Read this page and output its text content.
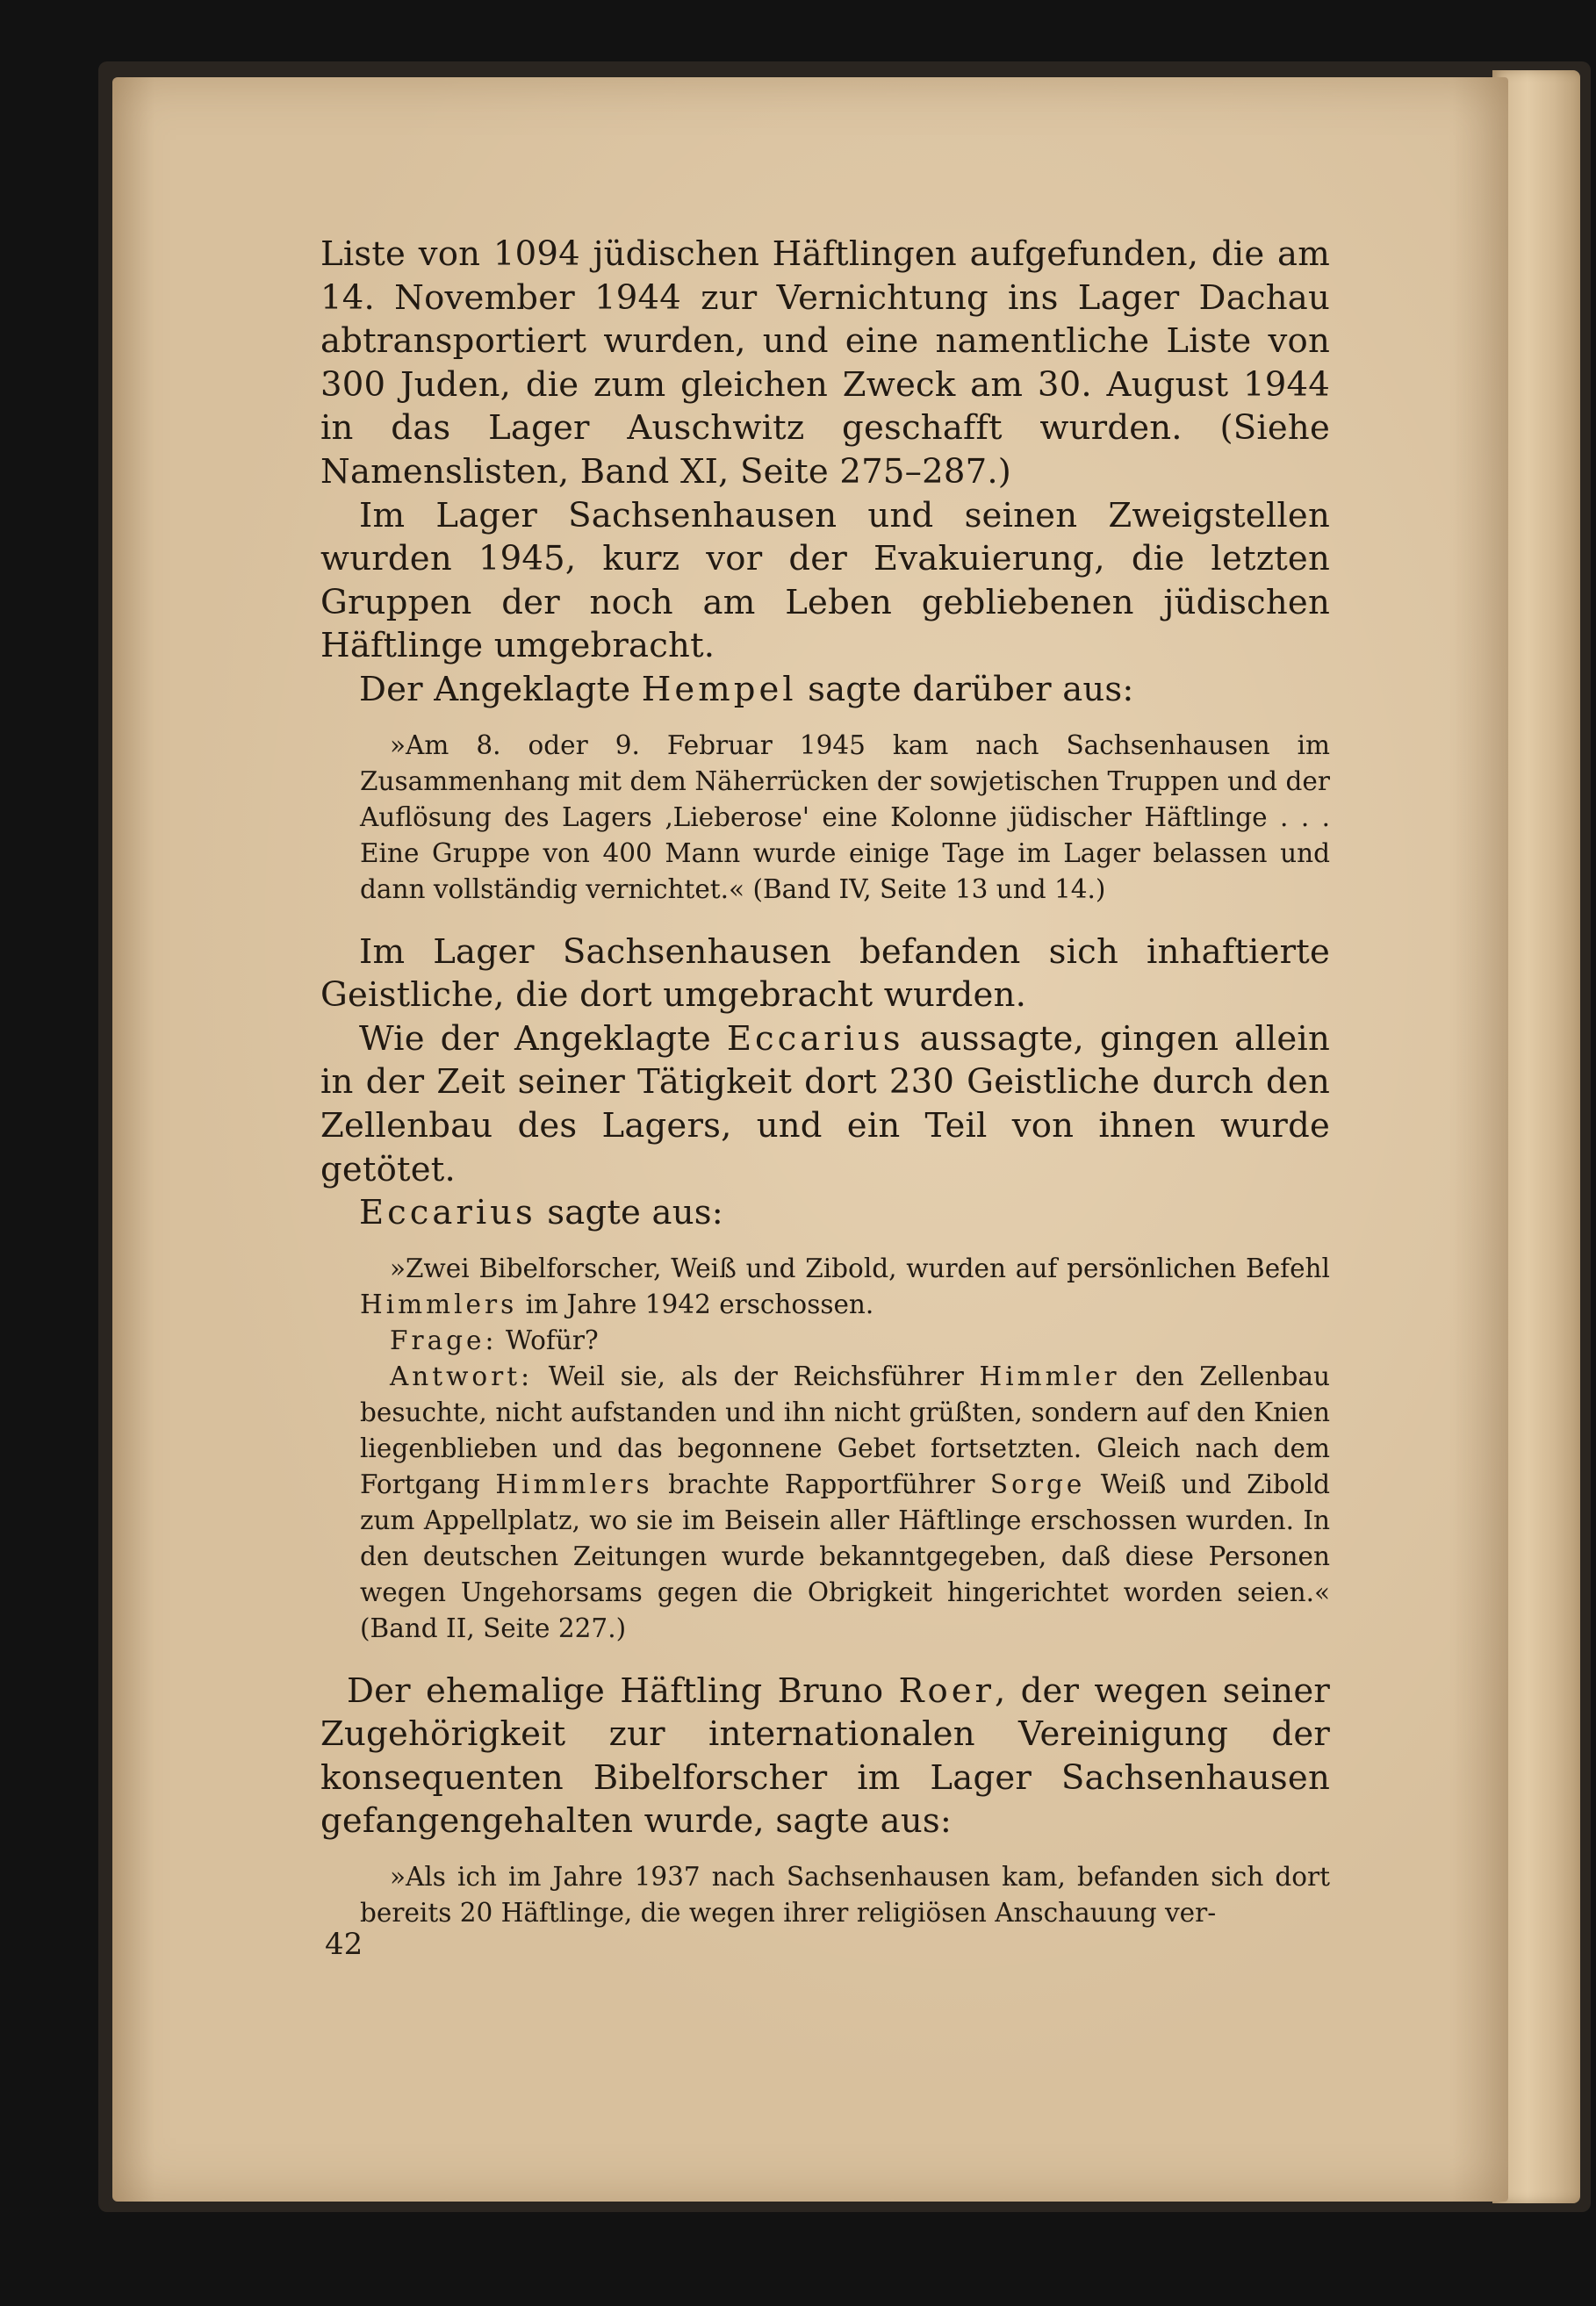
Liste von 1094 jüdischen Häftlingen aufgefunden, die am 14. November 1944 zur Vernichtung ins Lager Dachau abtransportiert wurden, und eine namentliche Liste von 300 Juden, die zum gleichen Zweck am 30. August 1944 in das Lager Auschwitz geschafft wurden. (Siehe Namenslisten, Band XI, Seite 275–287.)

Im Lager Sachsenhausen und seinen Zweigstellen wurden 1945, kurz vor der Evakuierung, die letzten Gruppen der noch am Leben gebliebenen jüdischen Häftlinge umgebracht.

Der Angeklagte Hempel sagte darüber aus:

»Am 8. oder 9. Februar 1945 kam nach Sachsenhausen im Zusammenhang mit dem Näherrücken der sowjetischen Truppen und der Auflösung des Lagers ‚Lieberose' eine Kolonne jüdischer Häftlinge . . . Eine Gruppe von 400 Mann wurde einige Tage im Lager belassen und dann vollständig vernichtet.« (Band IV, Seite 13 und 14.)

Im Lager Sachsenhausen befanden sich inhaftierte Geistliche, die dort umgebracht wurden.

Wie der Angeklagte Eccarius aussagte, gingen allein in der Zeit seiner Tätigkeit dort 230 Geistliche durch den Zellenbau des Lagers, und ein Teil von ihnen wurde getötet.

Eccarius sagte aus:

»Zwei Bibelforscher, Weiß und Zibold, wurden auf persönlichen Befehl Himmlers im Jahre 1942 erschossen.
Frage: Wofür?
Antwort: Weil sie, als der Reichsführer Himmler den Zellenbau besuchte, nicht aufstanden und ihn nicht grüßten, sondern auf den Knien liegenblieben und das begonnene Gebet fortsetzten. Gleich nach dem Fortgang Himmlers brachte Rapportführer Sorge Weiß und Zibold zum Appellplatz, wo sie im Beisein aller Häftlinge erschossen wurden. In den deutschen Zeitungen wurde bekanntgegeben, daß diese Personen wegen Ungehorsams gegen die Obrigkeit hingerichtet worden seien.« (Band II, Seite 227.)

Der ehemalige Häftling Bruno Roer, der wegen seiner Zugehörigkeit zur internationalen Vereinigung der konsequenten Bibelforscher im Lager Sachsenhausen gefangengehalten wurde, sagte aus:

»Als ich im Jahre 1937 nach Sachsenhausen kam, befanden sich dort bereits 20 Häftlinge, die wegen ihrer religiösen Anschauung ver-

42
